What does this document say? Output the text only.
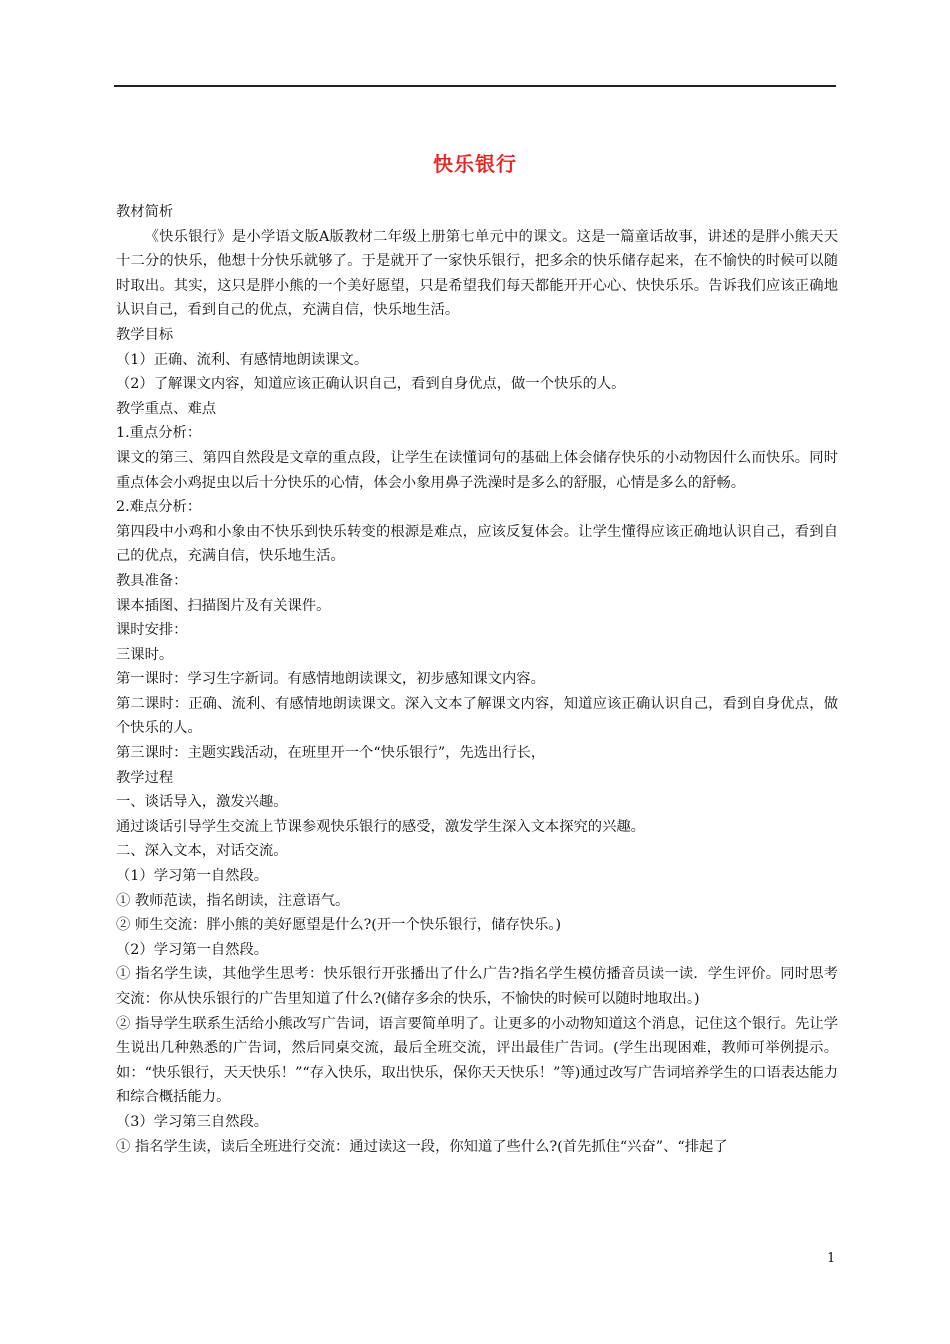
快乐银行

教材简析

《快乐银行》是小学语文版A版教材二年级上册第七单元中的课文。这是一篇童话故事，讲述的是胖小熊天天十二分的快乐，他想十分快乐就够了。于是就开了一家快乐银行，把多余的快乐储存起来，在不愉快的时候可以随时取出。其实，这只是胖小熊的一个美好愿望，只是希望我们每天都能开开心心、快快乐乐。告诉我们应该正确地认识自己，看到自己的优点，充满自信，快乐地生活。

教学目标

（1）正确、流利、有感情地朗读课文。

（2）了解课文内容，知道应该正确认识自己，看到自身优点，做一个快乐的人。

教学重点、难点

1.重点分析：

课文的第三、第四自然段是文章的重点段，让学生在读懂词句的基础上体会储存快乐的小动物因什么而快乐。同时重点体会小鸡捉虫以后十分快乐的心情，体会小象用鼻子洗澡时是多么的舒服，心情是多么的舒畅。

2.难点分析：

第四段中小鸡和小象由不快乐到快乐转变的根源是难点，应该反复体会。让学生懂得应该正确地认识自己，看到自己的优点，充满自信，快乐地生活。

教具准备：

课本插图、扫描图片及有关课件。

课时安排：

三课时。

第一课时：学习生字新词。有感情地朗读课文，初步感知课文内容。

第二课时：正确、流利、有感情地朗读课文。深入文本了解课文内容，知道应该正确认识自己，看到自身优点，做个快乐的人。

第三课时：主题实践活动，在班里开一个“快乐银行”，先选出行长，

教学过程

一、谈话导入，激发兴趣。

通过谈话引导学生交流上节课参观快乐银行的感受，激发学生深入文本探究的兴趣。

二、深入文本，对话交流。

（1）学习第一自然段。

① 教师范读，指名朗读，注意语气。

② 师生交流：胖小熊的美好愿望是什么?(开一个快乐银行，储存快乐。)

（2）学习第一自然段。

① 指名学生读，其他学生思考：快乐银行开张播出了什么广告?指名学生模仿播音员读一读．学生评价。同时思考交流：你从快乐银行的广告里知道了什么?(储存多余的快乐，不愉快的时候可以随时地取出。)

② 指导学生联系生活给小熊改写广告词，语言要简单明了。让更多的小动物知道这个消息，记住这个银行。先让学生说出几种熟悉的广告词，然后同桌交流，最后全班交流，评出最佳广告词。(学生出现困难，教师可举例提示。如：“快乐银行，天天快乐！”“存入快乐，取出快乐，保你天天快乐！”等)通过改写广告词培养学生的口语表达能力和综合概括能力。

（3）学习第三自然段。

① 指名学生读，读后全班进行交流：通过读这一段，你知道了些什么?(首先抓住“兴奋”、“排起了

1
